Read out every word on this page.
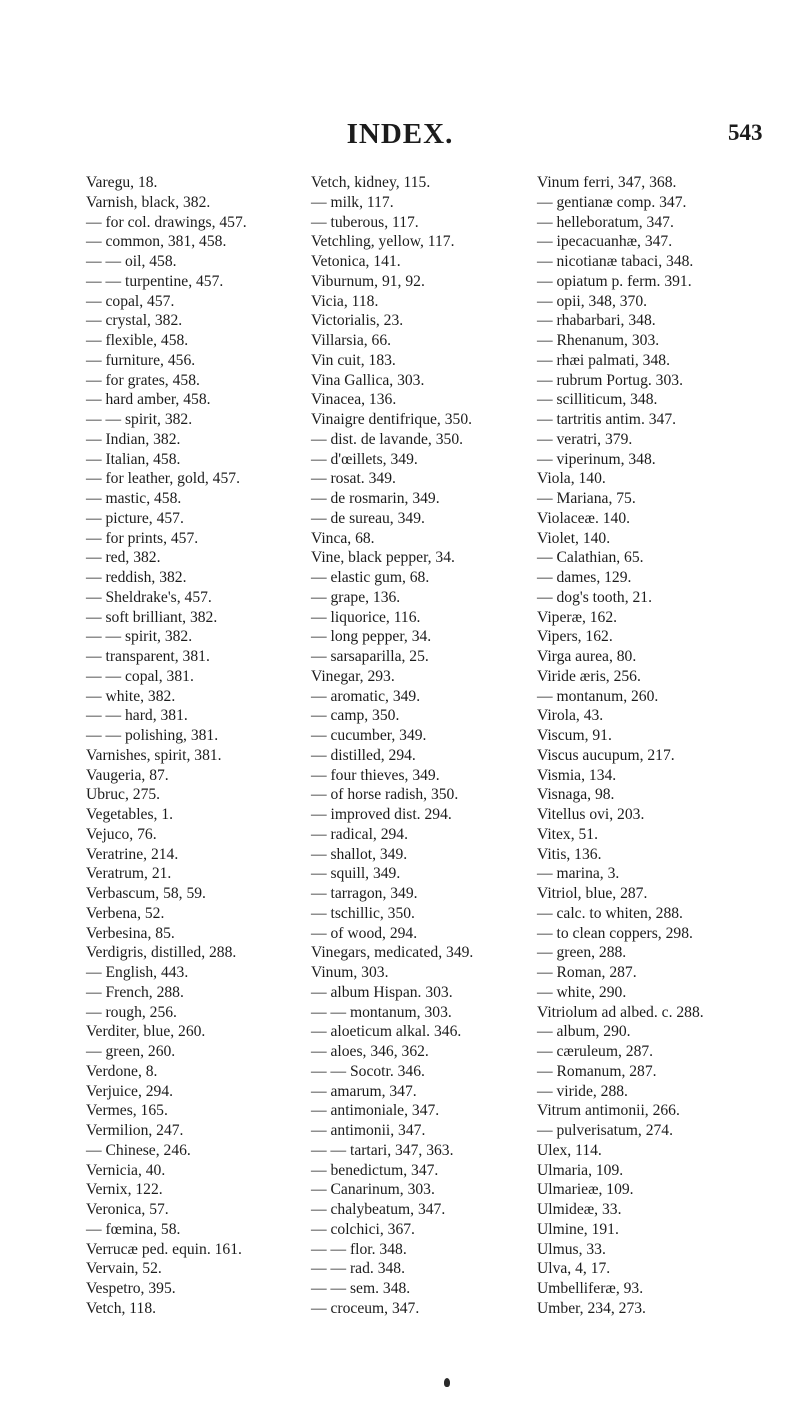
INDEX.	543
Varegu, 18.
Varnish, black, 382.
— for col. drawings, 457.
— common, 381, 458.
— — oil, 458.
— — turpentine, 457.
— copal, 457.
— crystal, 382.
— flexible, 458.
— furniture, 456.
— for grates, 458.
— hard amber, 458.
— — spirit, 382.
— Indian, 382.
— Italian, 458.
— for leather, gold, 457.
— mastic, 458.
— picture, 457.
— for prints, 457.
— red, 382.
— reddish, 382.
— Sheldrake's, 457.
— soft brilliant, 382.
— — spirit, 382.
— transparent, 381.
— — copal, 381.
— white, 382.
— — hard, 381.
— — polishing, 381.
Varnishes, spirit, 381.
Vaugeria, 87.
Ubruc, 275.
Vegetables, 1.
Vejuco, 76.
Veratrine, 214.
Veratrum, 21.
Verbascum, 58, 59.
Verbena, 52.
Verbesina, 85.
Verdigris, distilled, 288.
— English, 443.
— French, 288.
— rough, 256.
Verditer, blue, 260.
— green, 260.
Verdone, 8.
Verjuice, 294.
Vermes, 165.
Vermilion, 247.
— Chinese, 246.
Vernicia, 40.
Vernix, 122.
Veronica, 57.
— fœmina, 58.
Verrucæ ped. equin. 161.
Vervain, 52.
Vespetro, 395.
Vetch, 118.
Vetch, kidney, 115.
— milk, 117.
— tuberous, 117.
Vetchling, yellow, 117.
Vetonica, 141.
Viburnum, 91, 92.
Vicia, 118.
Victorialis, 23.
Villarsia, 66.
Vin cuit, 183.
Vina Gallica, 303.
Vinacea, 136.
Vinaigre dentifrique, 350.
— dist. de lavande, 350.
— d'œillets, 349.
— rosat. 349.
— de rosmarin, 349.
— de sureau, 349.
Vinca, 68.
Vine, black pepper, 34.
— elastic gum, 68.
— grape, 136.
— liquorice, 116.
— long pepper, 34.
— sarsaparilla, 25.
Vinegar, 293.
— aromatic, 349.
— camp, 350.
— cucumber, 349.
— distilled, 294.
— four thieves, 349.
— of horse radish, 350.
— improved dist. 294.
— radical, 294.
— shallot, 349.
— squill, 349.
— tarragon, 349.
— tschillic, 350.
— of wood, 294.
Vinegars, medicated, 349.
Vinum, 303.
— album Hispan. 303.
— — montanum, 303.
— aloeticum alkal. 346.
— aloes, 346, 362.
— — Socotr. 346.
— amarum, 347.
— antimoniale, 347.
— antimonii, 347.
— — tartari, 347, 363.
— benedictum, 347.
— Canarinum, 303.
— chalybeatum, 347.
— colchici, 367.
— — flor. 348.
— — rad. 348.
— — sem. 348.
— croceum, 347.
Vinum ferri, 347, 368.
— gentianæ comp. 347.
— helleboratum, 347.
— ipecacuanhæ, 347.
— nicotianæ tabaci, 348.
— opiatum p. ferm. 391.
— opii, 348, 370.
— rhabarbari, 348.
— Rhenanum, 303.
— rhæi palmati, 348.
— rubrum Portug. 303.
— scilliticum, 348.
— tartritis antim. 347.
— veratri, 379.
— viperinum, 348.
Viola, 140.
— Mariana, 75.
Violaceæ. 140.
Violet, 140.
— Calathian, 65.
— dames, 129.
— dog's tooth, 21.
Viperæ, 162.
Vipers, 162.
Virga aurea, 80.
Viride æris, 256.
— montanum, 260.
Virola, 43.
Viscum, 91.
Viscus aucupum, 217.
Vismia, 134.
Visnaga, 98.
Vitellus ovi, 203.
Vitex, 51.
Vitis, 136.
— marina, 3.
Vitriol, blue, 287.
— calc. to whiten, 288.
— to clean coppers, 298.
— green, 288.
— Roman, 287.
— white, 290.
Vitriolum ad albed. c. 288.
— album, 290.
— cæruleum, 287.
— Romanum, 287.
— viride, 288.
Vitrum antimonii, 266.
— pulverisatum, 274.
Ulex, 114.
Ulmaria, 109.
Ulmarieæ, 109.
Ulmideæ, 33.
Ulmine, 191.
Ulmus, 33.
Ulva, 4, 17.
Umbelliferæ, 93.
Umber, 234, 273.
